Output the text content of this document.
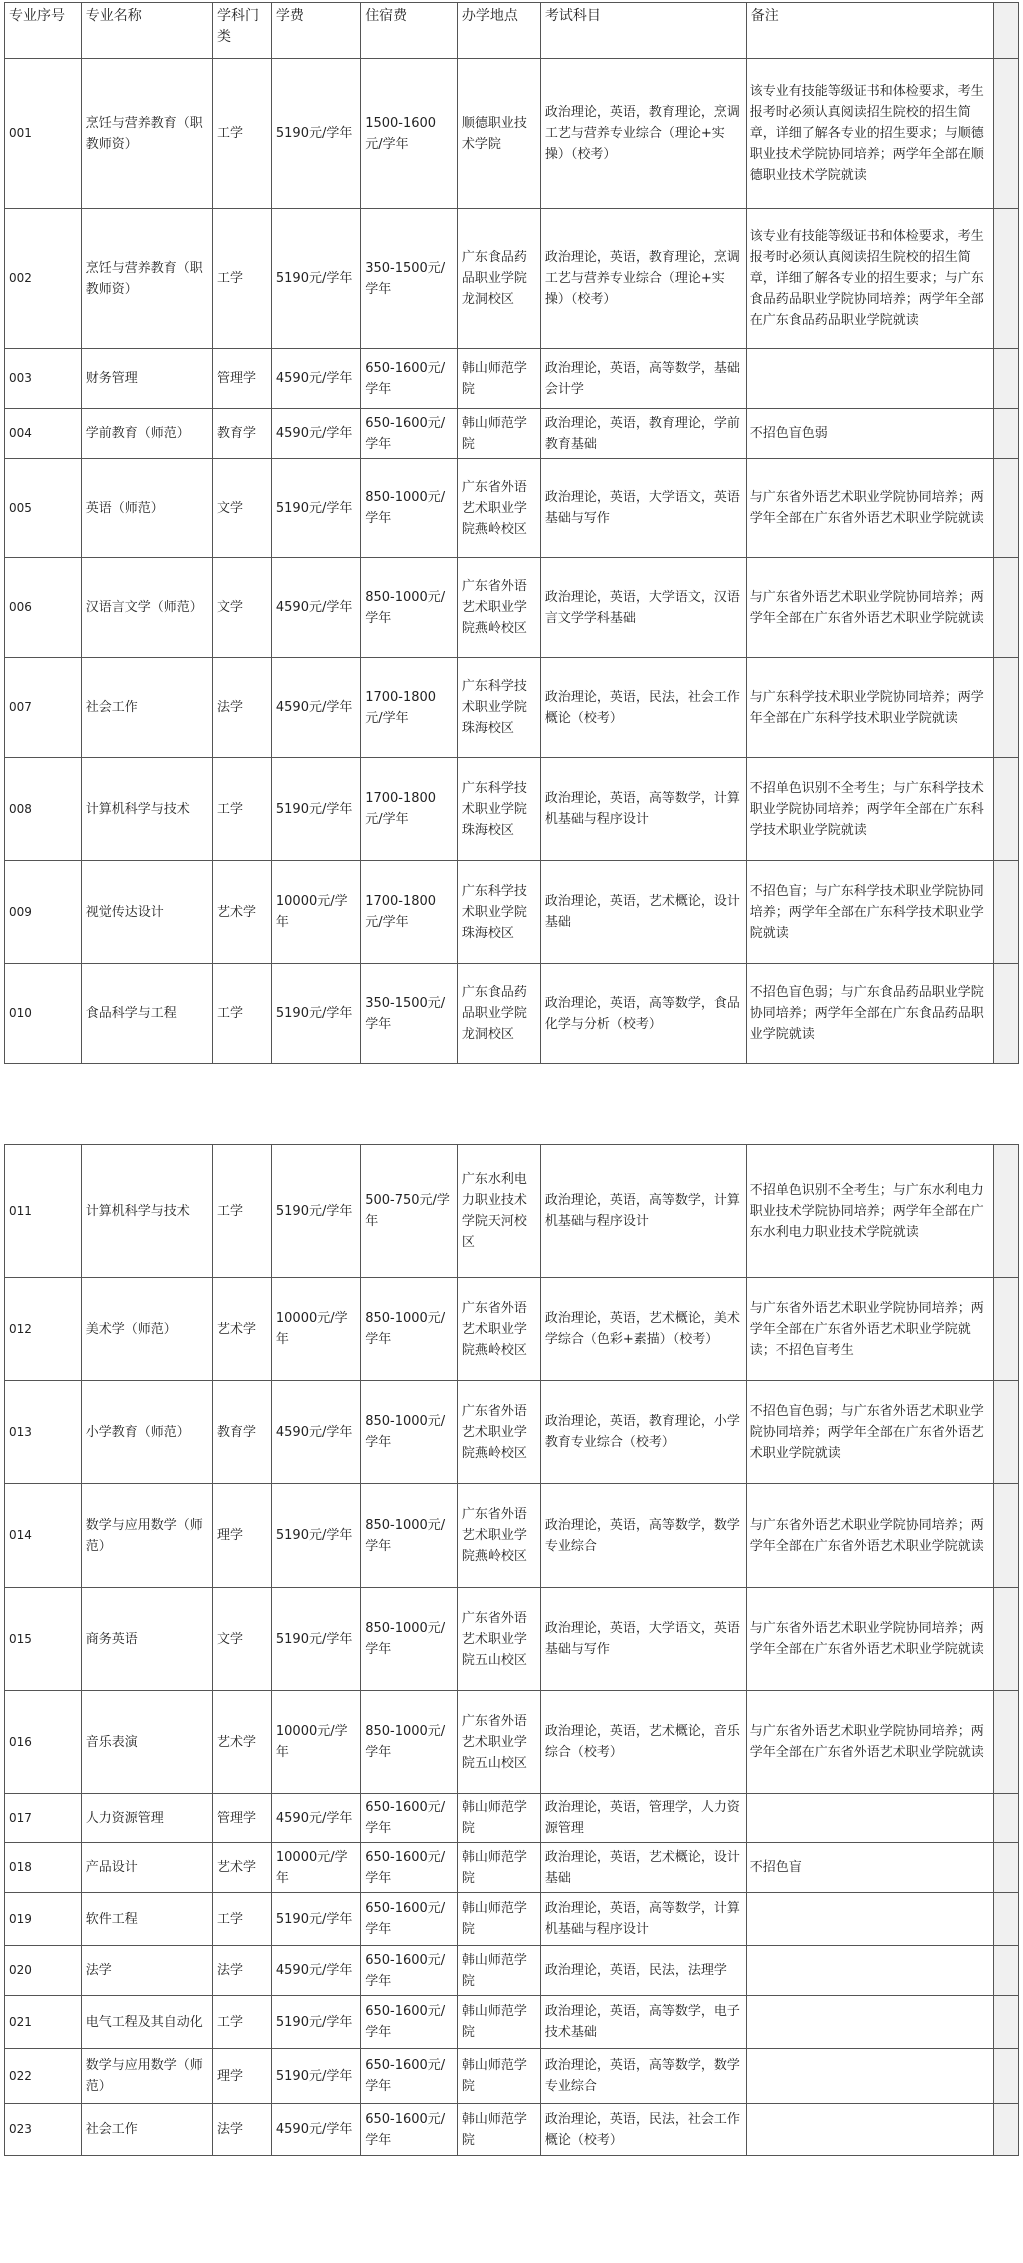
专业序号	专业名称	学科门类	学费	住宿费	办学地点	考试科目	备注	
001	烹饪与营养教育（职教师资）	工学	5190元/学年	1500-1600元/学年	顺德职业技术学院	政治理论，英语，教育理论，烹调工艺与营养专业综合（理论+实操）（校考）	该专业有技能等级证书和体检要求，考生报考时必须认真阅读招生院校的招生简章，详细了解各专业的招生要求；与顺德职业技术学院协同培养；两学年全部在顺德职业技术学院就读	
002	烹饪与营养教育（职教师资）	工学	5190元/学年	350-1500元/学年	广东食品药品职业学院龙洞校区	政治理论，英语，教育理论，烹调工艺与营养专业综合（理论+实操）（校考）	该专业有技能等级证书和体检要求，考生报考时必须认真阅读招生院校的招生简章，详细了解各专业的招生要求；与广东食品药品职业学院协同培养；两学年全部在广东食品药品职业学院就读	
003	财务管理	管理学	4590元/学年	650-1600元/学年	韩山师范学院	政治理论，英语，高等数学，基础会计学		
004	学前教育（师范）	教育学	4590元/学年	650-1600元/学年	韩山师范学院	政治理论，英语，教育理论，学前教育基础	不招色盲色弱	
005	英语（师范）	文学	5190元/学年	850-1000元/学年	广东省外语艺术职业学院燕岭校区	政治理论，英语，大学语文，英语基础与写作	与广东省外语艺术职业学院协同培养；两学年全部在广东省外语艺术职业学院就读	
006	汉语言文学（师范）	文学	4590元/学年	850-1000元/学年	广东省外语艺术职业学院燕岭校区	政治理论，英语，大学语文，汉语言文学学科基础	与广东省外语艺术职业学院协同培养；两学年全部在广东省外语艺术职业学院就读	
007	社会工作	法学	4590元/学年	1700-1800元/学年	广东科学技术职业学院珠海校区	政治理论，英语，民法，社会工作概论（校考）	与广东科学技术职业学院协同培养；两学年全部在广东科学技术职业学院就读	
008	计算机科学与技术	工学	5190元/学年	1700-1800元/学年	广东科学技术职业学院珠海校区	政治理论，英语，高等数学，计算机基础与程序设计	不招单色识别不全考生；与广东科学技术职业学院协同培养；两学年全部在广东科学技术职业学院就读	
009	视觉传达设计	艺术学	10000元/学年	1700-1800元/学年	广东科学技术职业学院珠海校区	政治理论，英语，艺术概论，设计基础	不招色盲；与广东科学技术职业学院协同培养；两学年全部在广东科学技术职业学院就读	
010	食品科学与工程	工学	5190元/学年	350-1500元/学年	广东食品药品职业学院龙洞校区	政治理论，英语，高等数学，食品化学与分析（校考）	不招色盲色弱；与广东食品药品职业学院协同培养；两学年全部在广东食品药品职业学院就读	
011	计算机科学与技术	工学	5190元/学年	500-750元/学年	广东水利电力职业技术学院天河校区	政治理论，英语，高等数学，计算机基础与程序设计	不招单色识别不全考生；与广东水利电力职业技术学院协同培养；两学年全部在广东水利电力职业技术学院就读	
012	美术学（师范）	艺术学	10000元/学年	850-1000元/学年	广东省外语艺术职业学院燕岭校区	政治理论，英语，艺术概论，美术学综合（色彩+素描）（校考）	与广东省外语艺术职业学院协同培养；两学年全部在广东省外语艺术职业学院就读；不招色盲考生	
013	小学教育（师范）	教育学	4590元/学年	850-1000元/学年	广东省外语艺术职业学院燕岭校区	政治理论，英语，教育理论，小学教育专业综合（校考）	不招色盲色弱；与广东省外语艺术职业学院协同培养；两学年全部在广东省外语艺术职业学院就读	
014	数学与应用数学（师范）	理学	5190元/学年	850-1000元/学年	广东省外语艺术职业学院燕岭校区	政治理论，英语，高等数学，数学专业综合	与广东省外语艺术职业学院协同培养；两学年全部在广东省外语艺术职业学院就读	
015	商务英语	文学	5190元/学年	850-1000元/学年	广东省外语艺术职业学院五山校区	政治理论，英语，大学语文，英语基础与写作	与广东省外语艺术职业学院协同培养；两学年全部在广东省外语艺术职业学院就读	
016	音乐表演	艺术学	10000元/学年	850-1000元/学年	广东省外语艺术职业学院五山校区	政治理论，英语，艺术概论，音乐综合（校考）	与广东省外语艺术职业学院协同培养；两学年全部在广东省外语艺术职业学院就读	
017	人力资源管理	管理学	4590元/学年	650-1600元/学年	韩山师范学院	政治理论，英语，管理学，人力资源管理		
018	产品设计	艺术学	10000元/学年	650-1600元/学年	韩山师范学院	政治理论，英语，艺术概论，设计基础	不招色盲	
019	软件工程	工学	5190元/学年	650-1600元/学年	韩山师范学院	政治理论，英语，高等数学，计算机基础与程序设计		
020	法学	法学	4590元/学年	650-1600元/学年	韩山师范学院	政治理论，英语，民法，法理学		
021	电气工程及其自动化	工学	5190元/学年	650-1600元/学年	韩山师范学院	政治理论，英语，高等数学，电子技术基础		
022	数学与应用数学（师范）	理学	5190元/学年	650-1600元/学年	韩山师范学院	政治理论，英语，高等数学，数学专业综合		
023	社会工作	法学	4590元/学年	650-1600元/学年	韩山师范学院	政治理论，英语，民法，社会工作概论（校考）		
